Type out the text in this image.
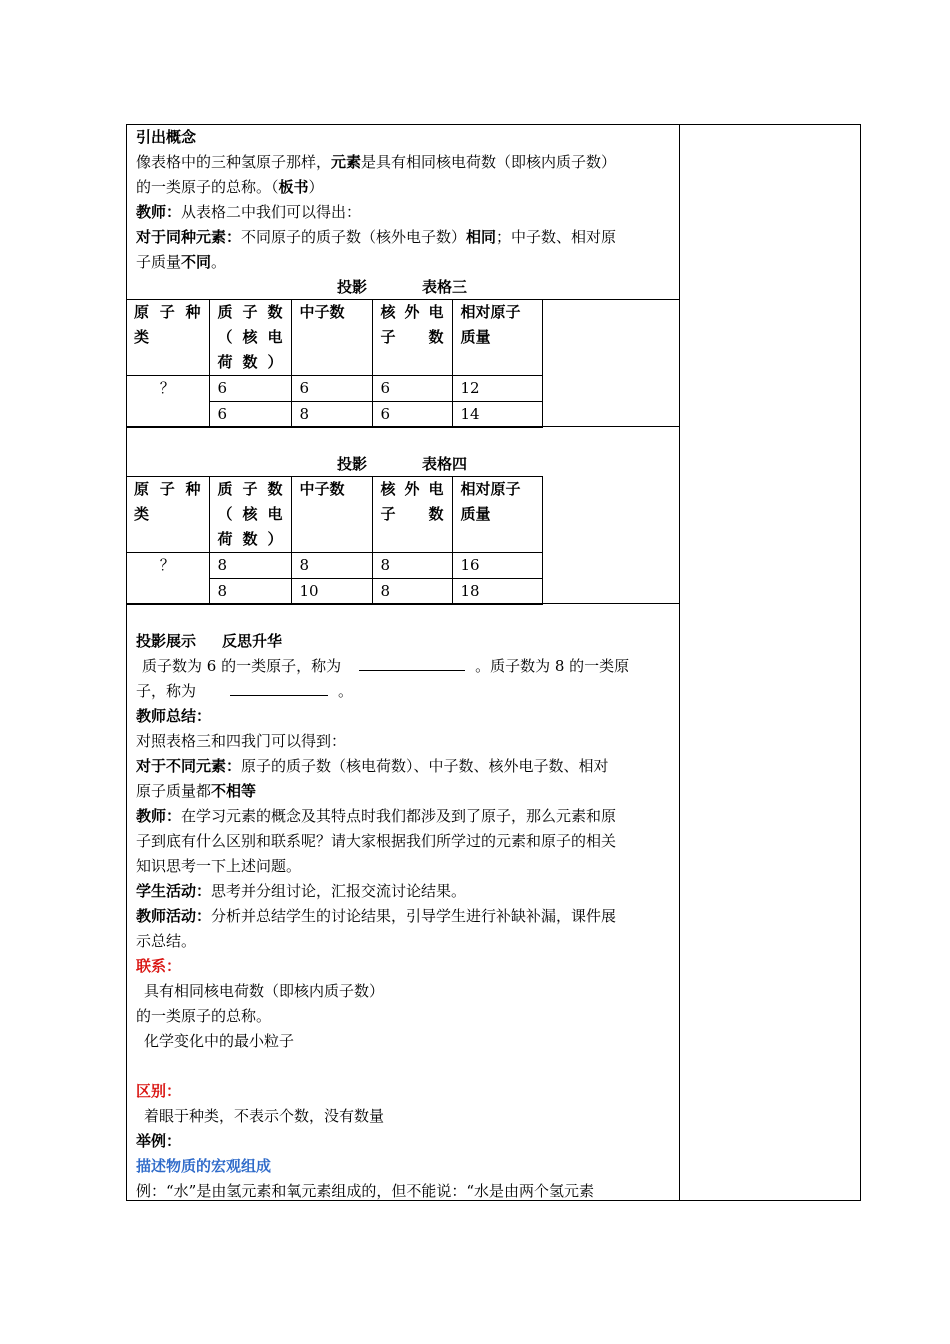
引出概念
像表格中的三种氢原子那样，元素是具有相同核电荷数（即核内质子数）
的一类原子的总称。（板书）
教师：从表格二中我们可以得出：
对于同种元素：不同原子的质子数（核外电子数）相同；中子数、相对原
子质量不同。
投影	表格三
原 子 种 类	质 子 数 （ 核 电 荷数）	中子数	核 外 电 子数	相对原子质量
？	6	6	6	12
	6	8	6	14
投影	表格四
原 子 种 类	质 子 数 （ 核 电 荷数）	中子数	核 外 电 子数	相对原子质量
？	8	8	8	16
	8	10	8	18
投影展示 反思升华
质子数为 6 的一类原子，称为	。质子数为 8 的一类原
子，称为	。
教师总结：
对照表格三和四我门可以得到：
对于不同元素：原子的质子数（核电荷数）、中子数、核外电子数、相对
原子质量都不相等
教师：在学习元素的概念及其特点时我们都涉及到了原子，那么元素和原
子到底有什么区别和联系呢？请大家根据我们所学过的元素和原子的相关
知识思考一下上述问题。
学生活动：思考并分组讨论，汇报交流讨论结果。
教师活动：分析并总结学生的讨论结果，引导学生进行补缺补漏，课件展
示总结。
联系：
具有相同核电荷数（即核内质子数）
的一类原子的总称。
化学变化中的最小粒子
区别：
着眼于种类，不表示个数，没有数量
举例：
描述物质的宏观组成
例：“水”是由氢元素和氧元素组成的，但不能说：“水是由两个氢元素
